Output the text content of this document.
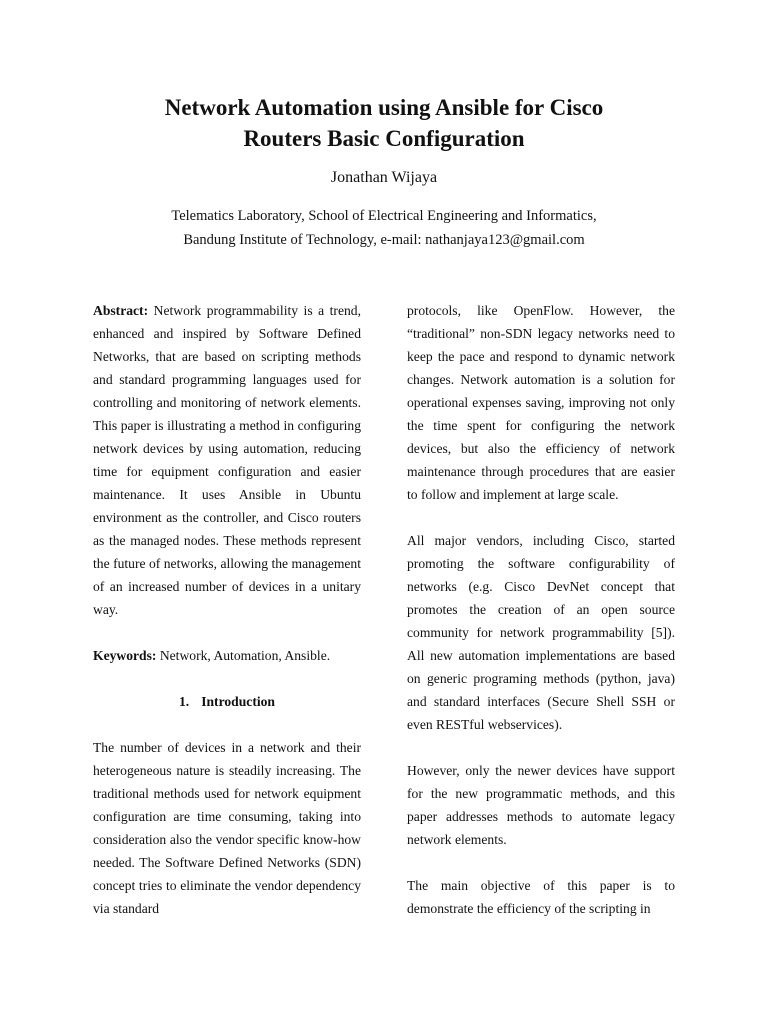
Network Automation using Ansible for Cisco
Routers Basic Configuration
Jonathan Wijaya
Telematics Laboratory, School of Electrical Engineering and Informatics,
Bandung Institute of Technology, e-mail: nathanjaya123@gmail.com

Abstract: Network programmability is a trend, enhanced and inspired by Software Defined Networks, that are based on scripting methods and standard programming languages used for controlling and monitoring of network elements. This paper is illustrating a method in configuring network devices by using automation, reducing time for equipment configuration and easier maintenance. It uses Ansible in Ubuntu environment as the controller, and Cisco routers as the managed nodes. These methods represent the future of networks, allowing the management of an increased number of devices in a unitary way.

Keywords: Network, Automation, Ansible.

1. Introduction

The number of devices in a network and their heterogeneous nature is steadily increasing. The traditional methods used for network equipment configuration are time consuming, taking into consideration also the vendor specific know-how needed. The Software Defined Networks (SDN) concept tries to eliminate the vendor dependency via standard

protocols, like OpenFlow. However, the “traditional” non-SDN legacy networks need to keep the pace and respond to dynamic network changes. Network automation is a solution for operational expenses saving, improving not only the time spent for configuring the network devices, but also the efficiency of network maintenance through procedures that are easier to follow and implement at large scale.

All major vendors, including Cisco, started promoting the software configurability of networks (e.g. Cisco DevNet concept that promotes the creation of an open source community for network programmability [5]). All new automation implementations are based on generic programing methods (python, java) and standard interfaces (Secure Shell SSH or even RESTful webservices).

However, only the newer devices have support for the new programmatic methods, and this paper addresses methods to automate legacy network elements.

The main objective of this paper is to demonstrate the efficiency of the scripting in
